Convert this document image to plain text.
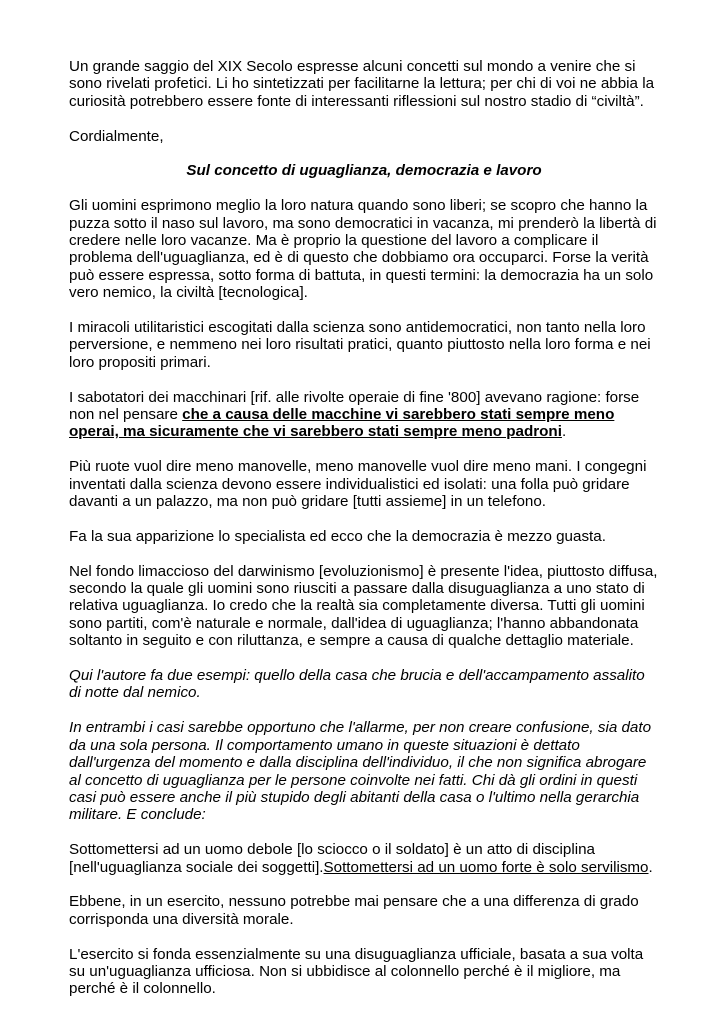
Un grande saggio del XIX Secolo espresse alcuni concetti sul mondo a venire che si sono rivelati profetici. Li ho sintetizzati per facilitarne la lettura; per chi di voi ne abbia la curiosità potrebbero essere fonte di interessanti riflessioni sul nostro stadio di “civiltà”.

Cordialmente,

Sul concetto di uguaglianza, democrazia e lavoro

Gli uomini esprimono meglio la loro natura quando sono liberi; se scopro che hanno la puzza sotto il naso sul lavoro, ma sono democratici in vacanza, mi prenderò la libertà di credere nelle loro vacanze. Ma è proprio la questione del lavoro a complicare il problema dell'uguaglianza, ed è di questo che dobbiamo ora occuparci. Forse la verità può essere espressa, sotto forma di battuta, in questi termini: la democrazia ha un solo vero nemico, la civiltà [tecnologica].

I miracoli utilitaristici escogitati dalla scienza sono antidemocratici, non tanto nella loro perversione, e nemmeno nei loro risultati pratici, quanto piuttosto nella loro forma e nei loro propositi primari.

I sabotatori dei macchinari [rif. alle rivolte operaie di fine '800] avevano ragione: forse non nel pensare che a causa delle macchine vi sarebbero stati sempre meno operai, ma sicuramente che vi sarebbero stati sempre meno padroni.

Più ruote vuol dire meno manovelle, meno manovelle vuol dire meno mani. I congegni inventati dalla scienza devono essere individualistici ed isolati: una folla può gridare davanti a un palazzo, ma non può gridare [tutti assieme] in un telefono.

Fa la sua apparizione lo specialista ed ecco che la democrazia è mezzo guasta.

Nel fondo limaccioso del darwinismo [evoluzionismo] è presente l'idea, piuttosto diffusa, secondo la quale gli uomini sono riusciti a passare dalla disuguaglianza a uno stato di relativa uguaglianza. Io credo che la realtà sia completamente diversa. Tutti gli uomini sono partiti, com'è naturale e normale, dall'idea di uguaglianza; l'hanno abbandonata soltanto in seguito e con riluttanza, e sempre a causa di qualche dettaglio materiale.

Qui l'autore fa due esempi: quello della casa che brucia e dell'accampamento assalito di notte dal nemico.

In entrambi i casi sarebbe opportuno che l'allarme, per non creare confusione, sia dato da una sola persona. Il comportamento umano in queste situazioni è dettato dall'urgenza del momento e dalla disciplina dell'individuo, il che non significa abrogare al concetto di uguaglianza per le persone coinvolte nei fatti. Chi dà gli ordini in questi casi può essere anche il più stupido degli abitanti della casa o l'ultimo nella gerarchia militare. E conclude:

Sottomettersi ad un uomo debole [lo sciocco o il soldato] è un atto di disciplina [nell'uguaglianza sociale dei soggetti].Sottomettersi ad un uomo forte è solo servilismo.

Ebbene, in un esercito, nessuno potrebbe mai pensare che a una differenza di grado corrisponda una diversità morale.

L'esercito si fonda essenzialmente su una disuguaglianza ufficiale, basata a sua volta su un'uguaglianza ufficiosa. Non si ubbidisce al colonnello perché è il migliore, ma perché è il colonnello.
